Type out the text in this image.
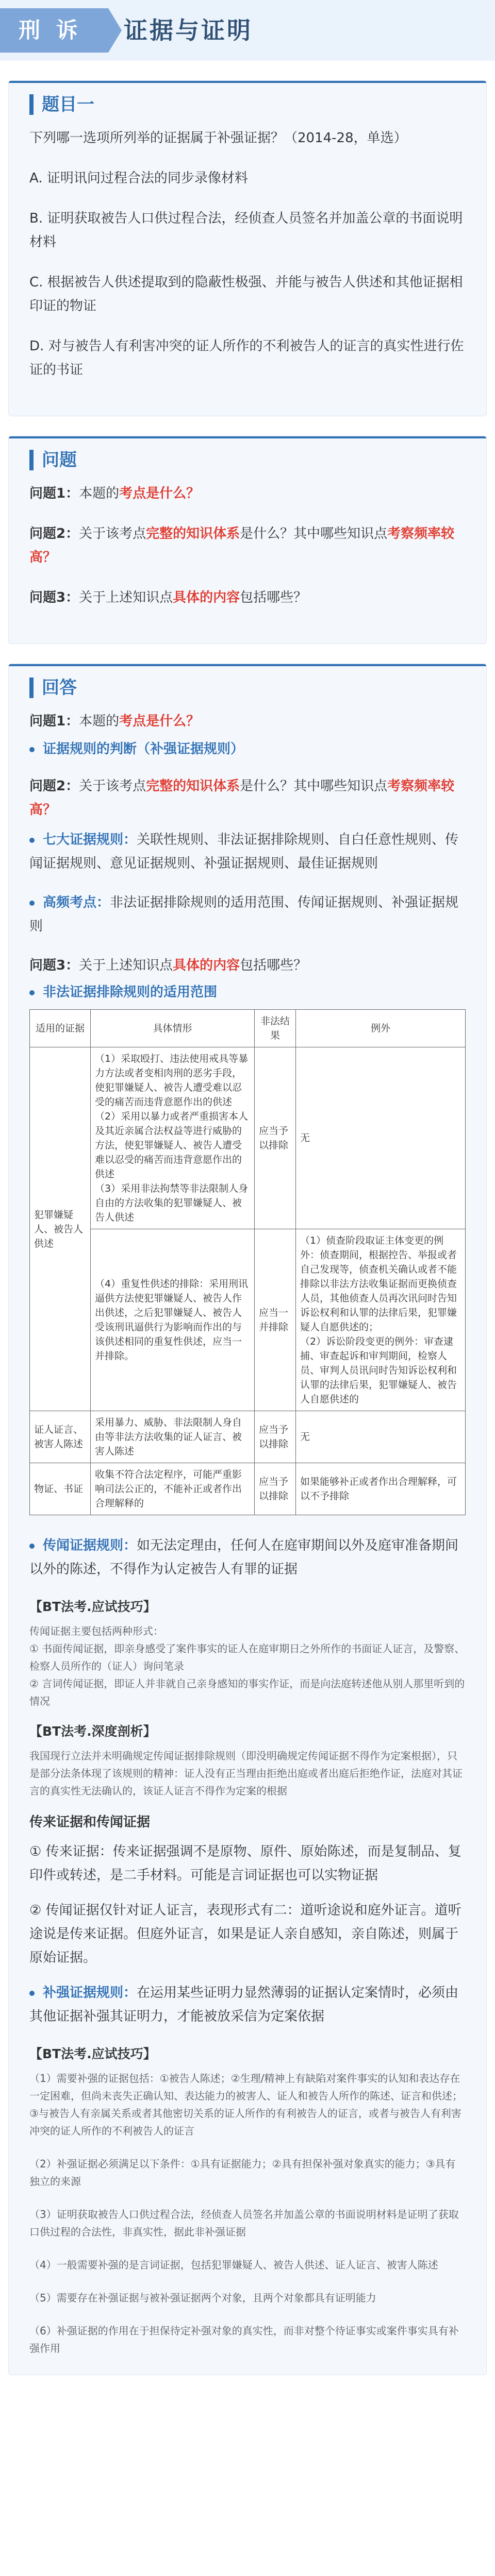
刑 诉	证据与证明
题目一

下列哪一选项所列举的证据属于补强证据？（2014-28，单选）

A. 证明讯问过程合法的同步录像材料

B. 证明获取被告人口供过程合法，经侦查人员签名并加盖公章的书面说明材料

C. 根据被告人供述提取到的隐蔽性极强、并能与被告人供述和其他证据相印证的物证

D. 对与被告人有利害冲突的证人所作的不利被告人的证言的真实性进行佐证的书证

问题

问题1：本题的考点是什么？

问题2：关于该考点完整的知识体系是什么？其中哪些知识点考察频率较高？

问题3：关于上述知识点具体的内容包括哪些？

回答

问题1：本题的考点是什么？

证据规则的判断（补强证据规则）

问题2：关于该考点完整的知识体系是什么？其中哪些知识点考察频率较高？

七大证据规则：关联性规则、非法证据排除规则、自白任意性规则、传闻证据规则、意见证据规则、补强证据规则、最佳证据规则
高频考点：非法证据排除规则的适用范围、传闻证据规则、补强证据规则

问题3：关于上述知识点具体的内容包括哪些？

非法证据排除规则的适用范围
适用的证据	具体情形	非法结果	例外
犯罪嫌疑人、被告人供述	（1）采取殴打、违法使用戒具等暴力方法或者变相肉刑的恶劣手段，使犯罪嫌疑人、被告人遭受难以忍受的痛苦而违背意愿作出的供述
（2）采用以暴力或者严重损害本人及其近亲属合法权益等进行威胁的方法，使犯罪嫌疑人、被告人遭受难以忍受的痛苦而违背意愿作出的供述
（3）采用非法拘禁等非法限制人身自由的方法收集的犯罪嫌疑人、被告人供述	应当予以排除	无
	（4）重复性供述的排除：采用刑讯逼供方法使犯罪嫌疑人、被告人作出供述，之后犯罪嫌疑人、被告人受该刑讯逼供行为影响而作出的与该供述相同的重复性供述，应当一并排除。	应当一并排除	（1）侦查阶段取证主体变更的例外：侦查期间，根据控告、举报或者自己发现等，侦查机关确认或者不能排除以非法方法收集证据而更换侦查人员，其他侦查人员再次讯问时告知诉讼权利和认罪的法律后果，犯罪嫌疑人自愿供述的；
（2）诉讼阶段变更的例外：审查逮捕、审查起诉和审判期间，检察人员、审判人员讯问时告知诉讼权利和认罪的法律后果，犯罪嫌疑人、被告人自愿供述的
证人证言、被害人陈述	采用暴力、威胁、非法限制人身自由等非法方法收集的证人证言、被害人陈述	应当予以排除	无
物证、书证	收集不符合法定程序，可能严重影响司法公正的，不能补正或者作出合理解释的	应当予以排除	如果能够补正或者作出合理解释，可以不予排除
传闻证据规则：如无法定理由，任何人在庭审期间以外及庭审准备期间以外的陈述，不得作为认定被告人有罪的证据
【BT法考.应试技巧】
传闻证据主要包括两种形式：
① 书面传闻证据，即亲身感受了案件事实的证人在庭审期日之外所作的书面证人证言，及警察、检察人员所作的（证人）询问笔录
② 言词传闻证据，即证人并非就自己亲身感知的事实作证，而是向法庭转述他从别人那里听到的情况
【BT法考.深度剖析】
我国现行立法并未明确规定传闻证据排除规则（即没明确规定传闻证据不得作为定案根据），只是部分法条体现了该规则的精神：证人没有正当理由拒绝出庭或者出庭后拒绝作证，法庭对其证言的真实性无法确认的，该证人证言不得作为定案的根据
传来证据和传闻证据
① 传来证据：传来证据强调不是原物、原件、原始陈述，而是复制品、复印件或转述，是二手材料。可能是言词证据也可以实物证据
② 传闻证据仅针对证人证言，表现形式有二：道听途说和庭外证言。道听途说是传来证据。但庭外证言，如果是证人亲自感知，亲自陈述，则属于原始证据。
补强证据规则：在运用某些证明力显然薄弱的证据认定案情时，必须由其他证据补强其证明力，才能被放采信为定案依据
【BT法考.应试技巧】
（1）需要补强的证据包括：①被告人陈述；②生理/精神上有缺陷对案件事实的认知和表达存在一定困难，但尚未丧失正确认知、表达能力的被害人、证人和被告人所作的陈述、证言和供述；③与被告人有亲属关系或者其他密切关系的证人所作的有利被告人的证言，或者与被告人有利害冲突的证人所作的不利被告人的证言
（2）补强证据必须满足以下条件：①具有证据能力；②具有担保补强对象真实的能力；③具有独立的来源
（3）证明获取被告人口供过程合法，经侦查人员签名并加盖公章的书面说明材料是证明了获取口供过程的合法性，非真实性，据此非补强证据
（4）一般需要补强的是言词证据，包括犯罪嫌疑人、被告人供述、证人证言、被害人陈述
（5）需要存在补强证据与被补强证据两个对象，且两个对象都具有证明能力
（6）补强证据的作用在于担保待定补强对象的真实性，而非对整个待证事实或案件事实具有补强作用
